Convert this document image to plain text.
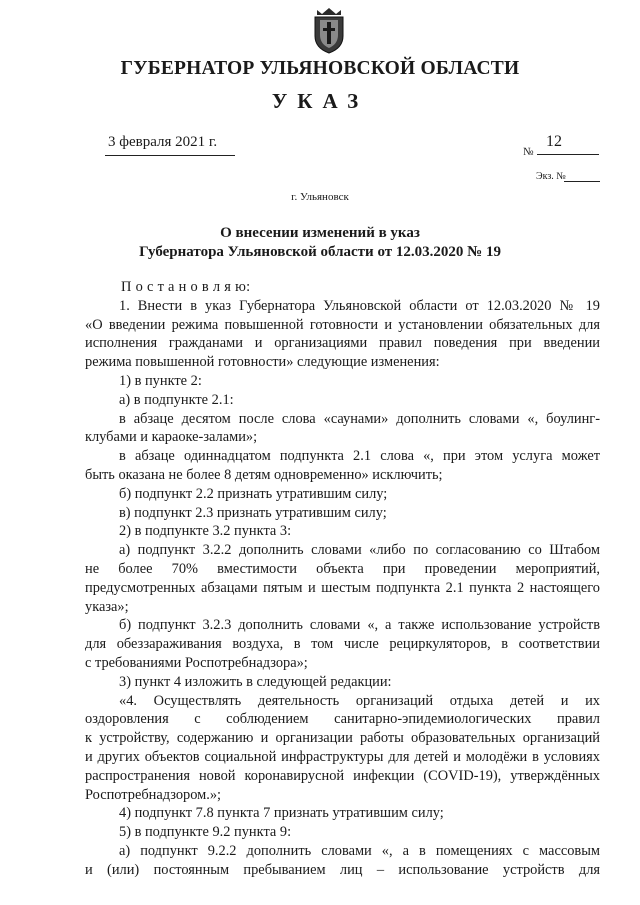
ГУБЕРНАТОР УЛЬЯНОВСКОЙ ОБЛАСТИ
УКАЗ
3 февраля 2021 г.
№
12
Экз. №
г. Ульяновск
О внесении изменений в указ
Губернатора Ульяновской области от 12.03.2020 № 19
П о с т а н о в л я ю:
1. Внести в указ Губернатора Ульяновской области от 12.03.2020 № 19
«О введении режима повышенной готовности и установлении обязательных для
исполнения гражданами и организациями правил поведения при введении
режима повышенной готовности» следующие изменения:
1) в пункте 2:
а) в подпункте 2.1:
в абзаце десятом после слова «саунами» дополнить словами «, боулинг-
клубами и караоке-залами»;
в абзаце одиннадцатом подпункта 2.1 слова «, при этом услуга может
быть оказана не более 8 детям одновременно» исключить;
б) подпункт 2.2 признать утратившим силу;
в) подпункт 2.3 признать утратившим силу;
2) в подпункте 3.2 пункта 3:
а) подпункт 3.2.2 дополнить словами «либо по согласованию со Штабом
не более 70% вместимости объекта при проведении мероприятий,
предусмотренных абзацами пятым и шестым подпункта 2.1 пункта 2 настоящего
указа»;
б) подпункт 3.2.3 дополнить словами «, а также использование устройств
для обеззараживания воздуха, в том числе рециркуляторов, в соответствии
с требованиями Роспотребнадзора»;
3) пункт 4 изложить в следующей редакции:
«4. Осуществлять деятельность организаций отдыха детей и их
оздоровления с соблюдением санитарно-эпидемиологических правил
к устройству, содержанию и организации работы образовательных организаций
и других объектов социальной инфраструктуры для детей и молодёжи в условиях
распространения новой коронавирусной инфекции (COVID-19), утверждённых
Роспотребнадзором.»;
4) подпункт 7.8 пункта 7 признать утратившим силу;
5) в подпункте 9.2 пункта 9:
а) подпункт 9.2.2 дополнить словами «, а в помещениях с массовым
и (или) постоянным пребыванием лиц – использование устройств для
